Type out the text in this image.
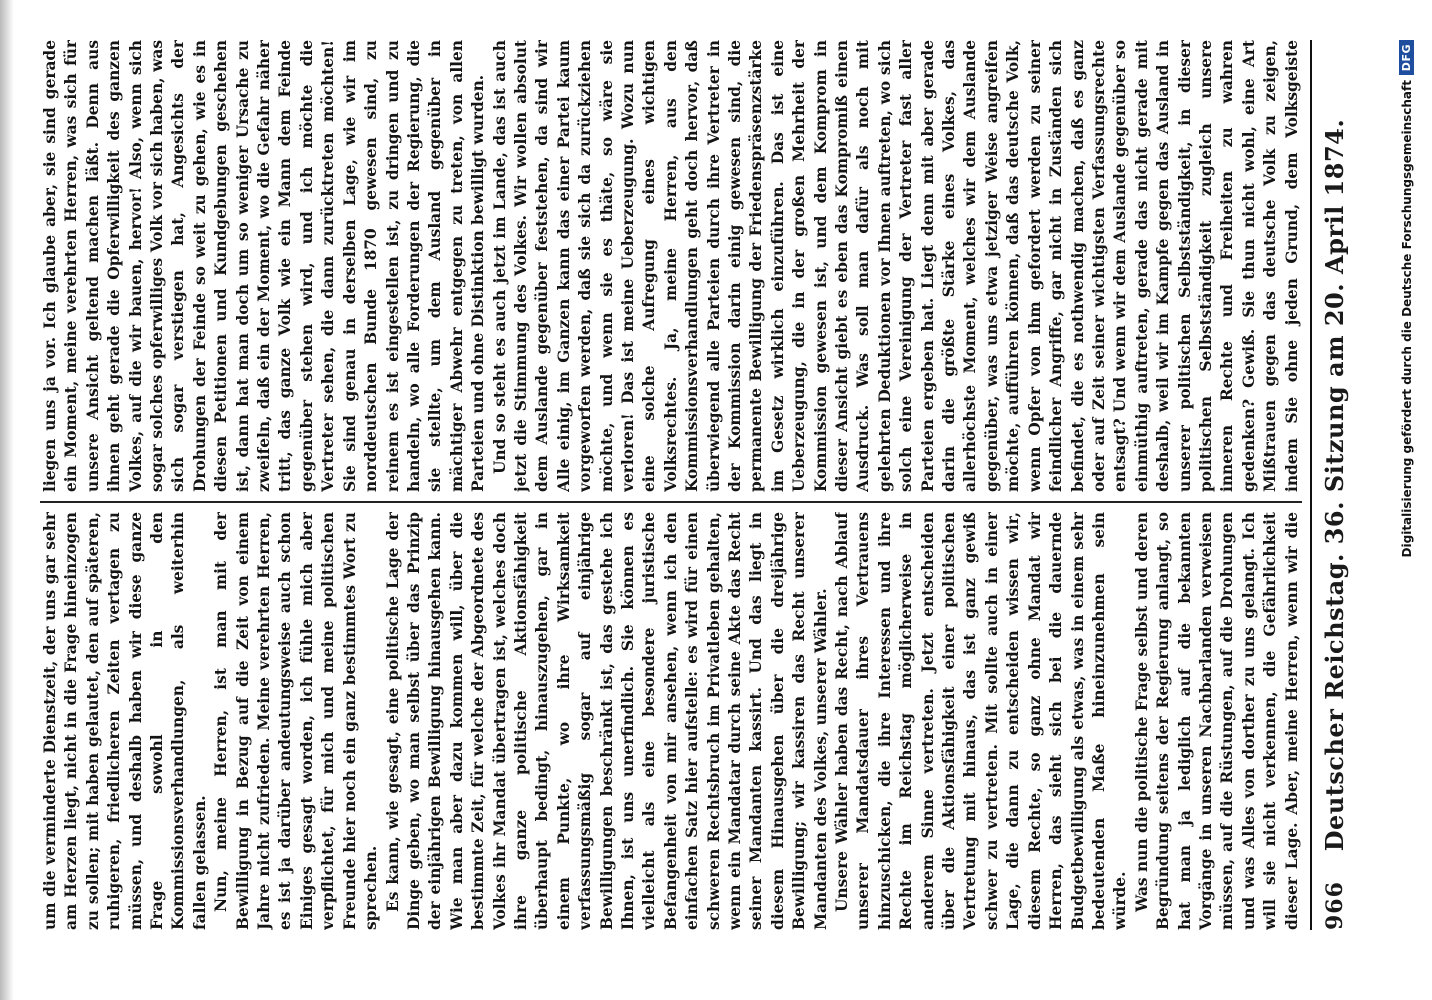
um die verminderte Dienstzeit, der uns gar sehr am Herzen liegt, nicht in die Frage hineinzogen zu sollen; mit haben gelautet, den auf späteren, ruhigeren, friedlicheren Zeiten vertagen zu müssen, und deshalb haben wir diese ganze Frage sowohl in den Kommissionsverhandlungen, als weiterhin fallen gelassen. Nun, meine Herren, ist man mit der Bewilligung in Bezug auf die Zeit von einem Jahre nicht zufrieden. Meine verehrten Herren, es ist ja darüber andeutungsweise auch schon Einiges gesagt worden, ich fühle mich aber verpflichtet, für mich und meine politischen Freunde hier noch ein ganz bestimmtes Wort zu sprechen. Es kann, wie gesagt, eine politische Lage der Dinge geben, wo man selbst über das Prinzip der einjährigen Bewilligung hinausgehen kann. Wie man aber dazu kommen will, über die bestimmte Zeit, für welche der Abgeordnete des Volkes ihr Mandat übertragen ist, welches doch ihre ganze politische Aktionsfähigkeit überhaupt bedingt, hinauszugehen, gar in einem Punkte, wo ihre Wirksamkeit verfassungsmäßig sogar auf einjährige Bewilligungen beschränkt ist, das gestehe ich Ihnen, ist uns unerfindlich. Sie können es vielleicht als eine besondere juristische Befangenheit von mir ansehen, wenn ich den einfachen Satz hier aufstelle: es wird für einen schweren Rechtsbruch im Privatleben gehalten, wenn ein Mandatar durch seine Akte das Recht seiner Mandanten kassirt. Und das liegt in diesem Hinausgehen über die dreijährige Bewilligung; wir kassiren das Recht unserer Mandanten des Volkes, unserer Wähler. Unsere Wähler haben das Recht, nach Ablauf unserer Mandatsdauer ihres Vertrauens hinzuschicken, die ihre Interessen und ihre Rechte im Reichstag möglicherweise in anderem Sinne vertreten. Jetzt entscheiden über die Aktionsfähigkeit einer politischen Vertretung mit hinaus, das ist ganz gewiß schwer zu vertreten. Mit sollte auch in einer Lage, die dann zu entscheiden wissen wir, diesem Rechte, so ganz ohne Mandat wir Herren, das sieht sich bei die dauernde Budgetbewilligung als etwas, was in einem sehr bedeutenden Maße hineinzunehmen sein würde. Was nun die politische Frage selbst und deren Begründung seitens der Regierung anlangt, so hat man ja lediglich auf die bekannten Vorgänge in unseren Nachbarlanden verweisen müssen, auf die Rüstungen, auf die Drohungen und was Alles von dorther zu uns gelangt. Ich will sie nicht verkennen, die Gefährlichkeit dieser Lage. Aber, meine Herren, wenn wir die

liegen uns ja vor. Ich glaube aber, sie sind gerade ein Moment, meine verehrten Herren, was sich für unsere Ansicht geltend machen läßt. Denn aus ihnen geht gerade die Opferwilligkeit des ganzen Volkes, auf die wir bauen, hervor! Also, wenn sich sogar solches opferwilliges Volk vor sich haben, was sich sogar verstiegen hat, Angesichts der Drohungen der Feinde so weit zu gehen, wie es in diesen Petitionen und Kundgebungen geschehen ist, dann hat man doch um so weniger Ursache zu zweifeln, daß ein der Moment, wo die Gefahr näher tritt, das ganze Volk wie ein Mann dem Feinde gegenüber stehen wird, und ich möchte die Vertreter sehen, die dann zurücktreten möchten! Sie sind genau in derselben Lage, wie wir im norddeutschen Bunde 1870 gewesen sind, zu reinem es ist eingestellen ist, zu dringen und zu handeln, wo alle Forderungen der Regierung, die sie stellte, um dem Ausland gegenüber in mächtiger Abwehr entgegen zu treten, von allen Parteien und ohne Distinktion bewilligt wurden. Und so steht es auch jetzt im Lande, das ist auch jetzt die Stimmung des Volkes. Wir wollen absolut dem Auslande gegenüber feststehen, da sind wir Alle einig, im Ganzen kann das einer Partei kaum vorgeworfen werden, daß sie sich da zurückziehen möchte, und wenn sie es thäte, so wäre sie verloren! Das ist meine Ueberzeugung. Wozu nun eine solche Aufregung eines wichtigen Volksrechtes. Ja, meine Herren, aus den Kommissionsverhandlungen geht doch hervor, daß überwiegend alle Parteien durch ihre Vertreter in der Kommission darin einig gewesen sind, die permanente Bewilligung der Friedenspräsenzstärke im Gesetz wirklich einzuführen. Das ist eine Ueberzeugung, die in der großen Mehrheit der Kommission gewesen ist, und dem Komprom in dieser Ansicht giebt es eben das Kompromiß einen Ausdruck. Was soll man dafür als noch mit gelehrten Deduktionen vor Ihnen auftreten, wo sich solch eine Vereinigung der Vertreter fast aller Parteien ergeben hat. Liegt denn mit aber gerade darin die größte Stärke eines Volkes, das allerhöchste Moment, welches wir dem Auslande gegenüber, was uns etwa jetziger Weise angreifen möchte, aufführen können, daß das deutsche Volk, wenn Opfer von ihm gefordert werden zu seiner feindlicher Angriffe, gar nicht in Zuständen sich befindet, die es nothwendig machen, daß es ganz oder auf Zeit seiner wichtigsten Verfassungsrechte entsagt? Und wenn wir dem Auslande gegenüber so einmüthig auftreten, gerade das nicht gerade mit deshalb, weil wir im Kampfe gegen das Ausland in unserer politischen Selbstständigkeit, in dieser politischen Selbstständigkeit zugleich unsere inneren Rechte und Freiheiten zu wahren gedenken? Gewiß. Sie thun nicht wohl, eine Art Mißtrauen gegen das deutsche Volk zu zeigen, indem Sie ohne jeden Grund, dem Volksgeiste

966
Deutscher Reichstag. 36. Sitzung am 20. April 1874.	Digitalisierung gefördert durch die Deutsche Forschungsgemeinschaft
DFG
